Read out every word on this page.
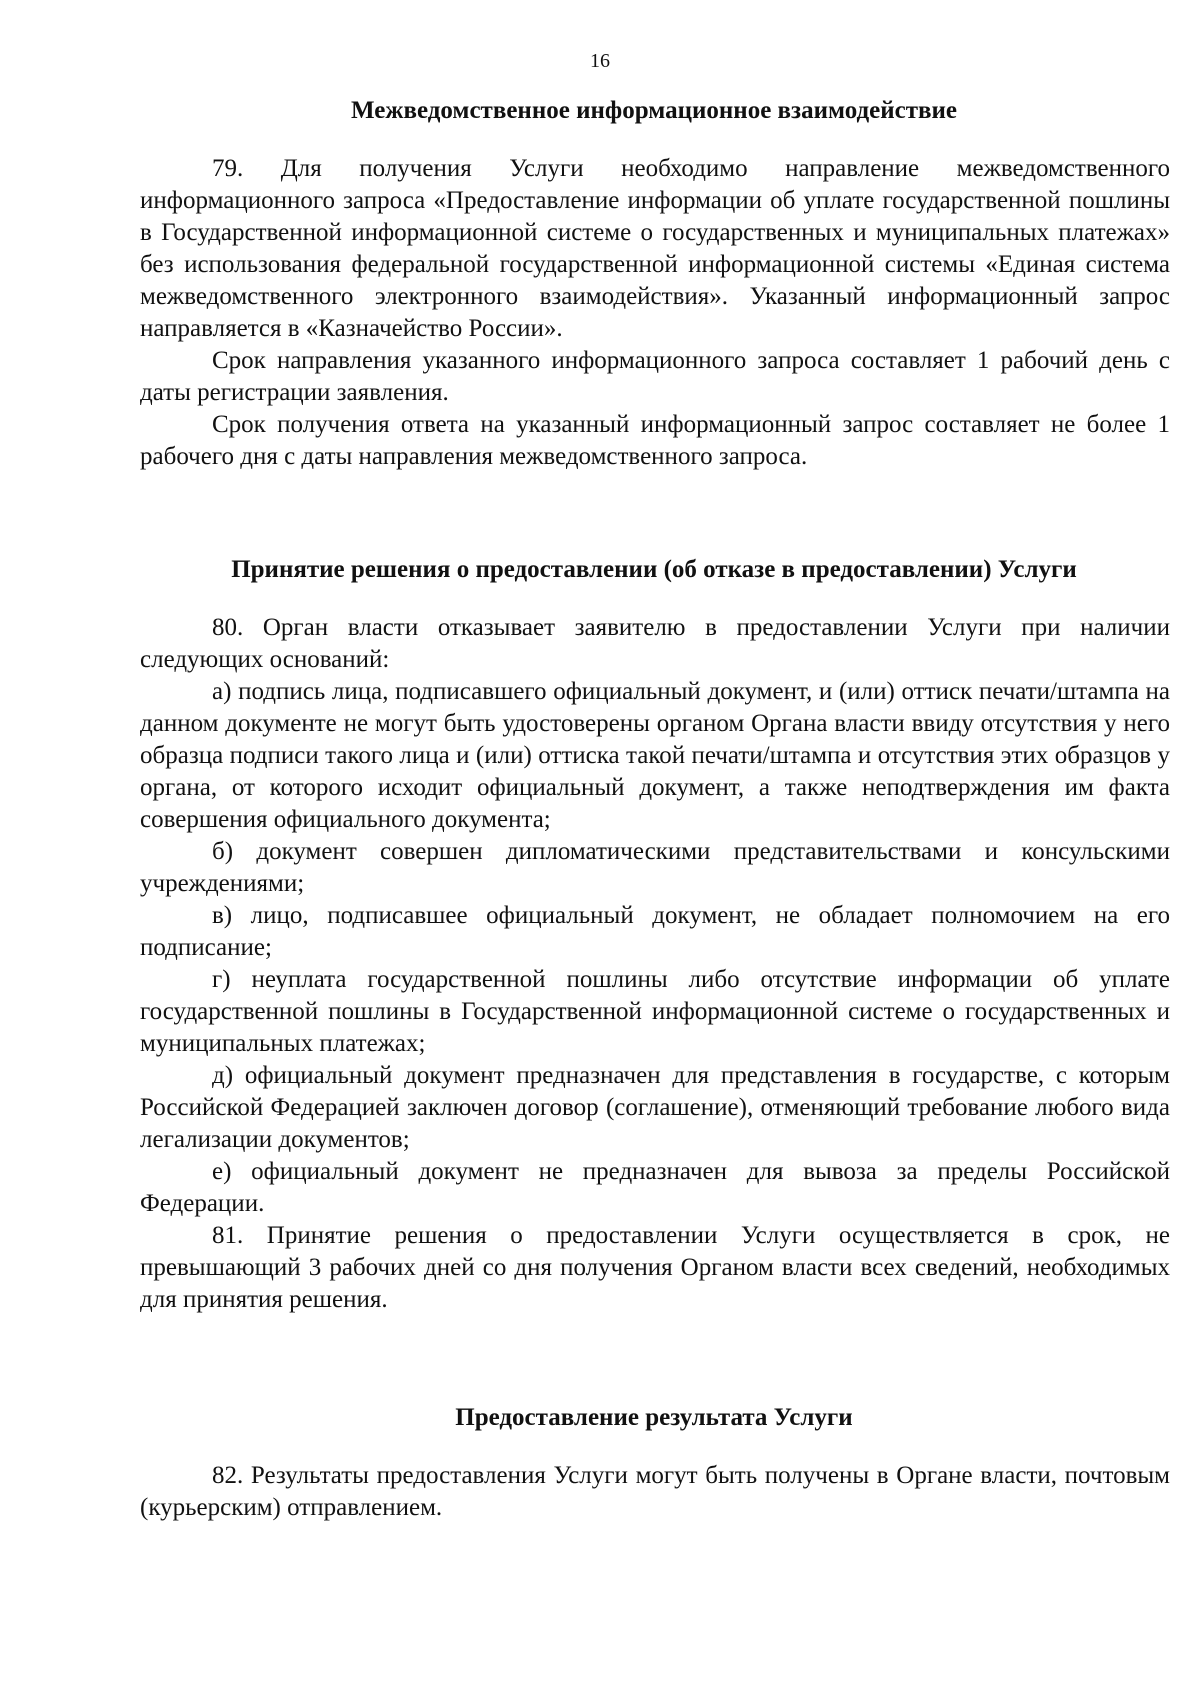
16
Межведомственное информационное взаимодействие

79. Для получения Услуги необходимо направление межведомственного информационного запроса «Предоставление информации об уплате государственной пошлины в Государственной информационной системе о государственных и муниципальных платежах» без использования федеральной государственной информационной системы «Единая система межведомственного электронного взаимодействия». Указанный информационный запрос направляется в «Казначейство России».

Срок направления указанного информационного запроса составляет 1 рабочий день с даты регистрации заявления.

Срок получения ответа на указанный информационный запрос составляет не более 1 рабочего дня с даты направления межведомственного запроса.

Принятие решения о предоставлении (об отказе в предоставлении) Услуги

80. Орган власти отказывает заявителю в предоставлении Услуги при наличии следующих оснований:

а) подпись лица, подписавшего официальный документ, и (или) оттиск печати/штампа на данном документе не могут быть удостоверены органом Органа власти ввиду отсутствия у него образца подписи такого лица и (или) оттиска такой печати/штампа и отсутствия этих образцов у органа, от которого исходит официальный документ, а также неподтверждения им факта совершения официального документа;

б) документ совершен дипломатическими представительствами и консульскими учреждениями;

в) лицо, подписавшее официальный документ, не обладает полномочием на его подписание;

г) неуплата государственной пошлины либо отсутствие информации об уплате государственной пошлины в Государственной информационной системе о государственных и муниципальных платежах;

д) официальный документ предназначен для представления в государстве, с которым Российской Федерацией заключен договор (соглашение), отменяющий требование любого вида легализации документов;

е) официальный документ не предназначен для вывоза за пределы Российской Федерации.

81. Принятие решения о предоставлении Услуги осуществляется в срок, не превышающий 3 рабочих дней со дня получения Органом власти всех сведений, необходимых для принятия решения.

Предоставление результата Услуги

82. Результаты предоставления Услуги могут быть получены в Органе власти, почтовым (курьерским) отправлением.
